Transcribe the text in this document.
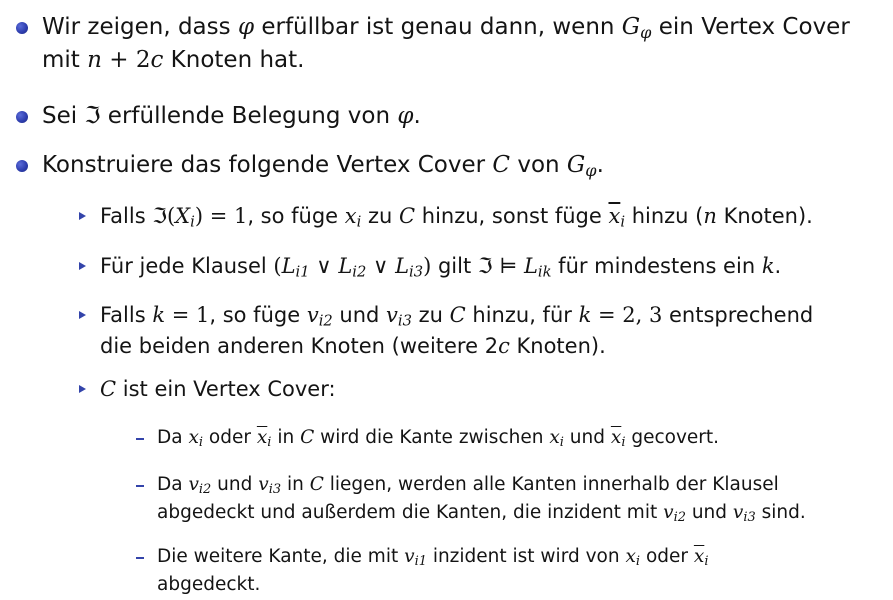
Wir zeigen, dass φ erfüllbar ist genau dann, wenn $G_\varphi$ ein Vertex Cover
mit n + 2c Knoten hat.
Sei ℑ erfüllende Belegung von φ.
Konstruiere das folgende Vertex Cover C von $G_\varphi$.
Falls $ℑ(X_i) = 1$, so füge $x_i$ zu C hinzu, sonst füge $\overline{x}_i$ hinzu (n Knoten).
Für jede Klausel ($L_{i1}$ ∨ $L_{i2}$ ∨ $L_{i3}$) gilt ℑ ⊨ $L_{ik}$ für mindestens ein k.
Falls k = 1, so füge $v_{i2}$ und $v_{i3}$ zu C hinzu, für k = 2, 3 entsprechend
die beiden anderen Knoten (weitere 2c Knoten).
C ist ein Vertex Cover:
Da $x_i$ oder $\overline{x}_i$ in C wird die Kante zwischen $x_i$ und $\overline{x}_i$ gecovert.
Da $v_{i2}$ und $v_{i3}$ in C liegen, werden alle Kanten innerhalb der Klausel
abgedeckt und außerdem die Kanten, die inzident mit $v_{i2}$ und $v_{i3}$ sind.
Die weitere Kante, die mit $v_{i1}$ inzident ist wird von $x_i$ oder $\overline{x}_i$
abgedeckt.
